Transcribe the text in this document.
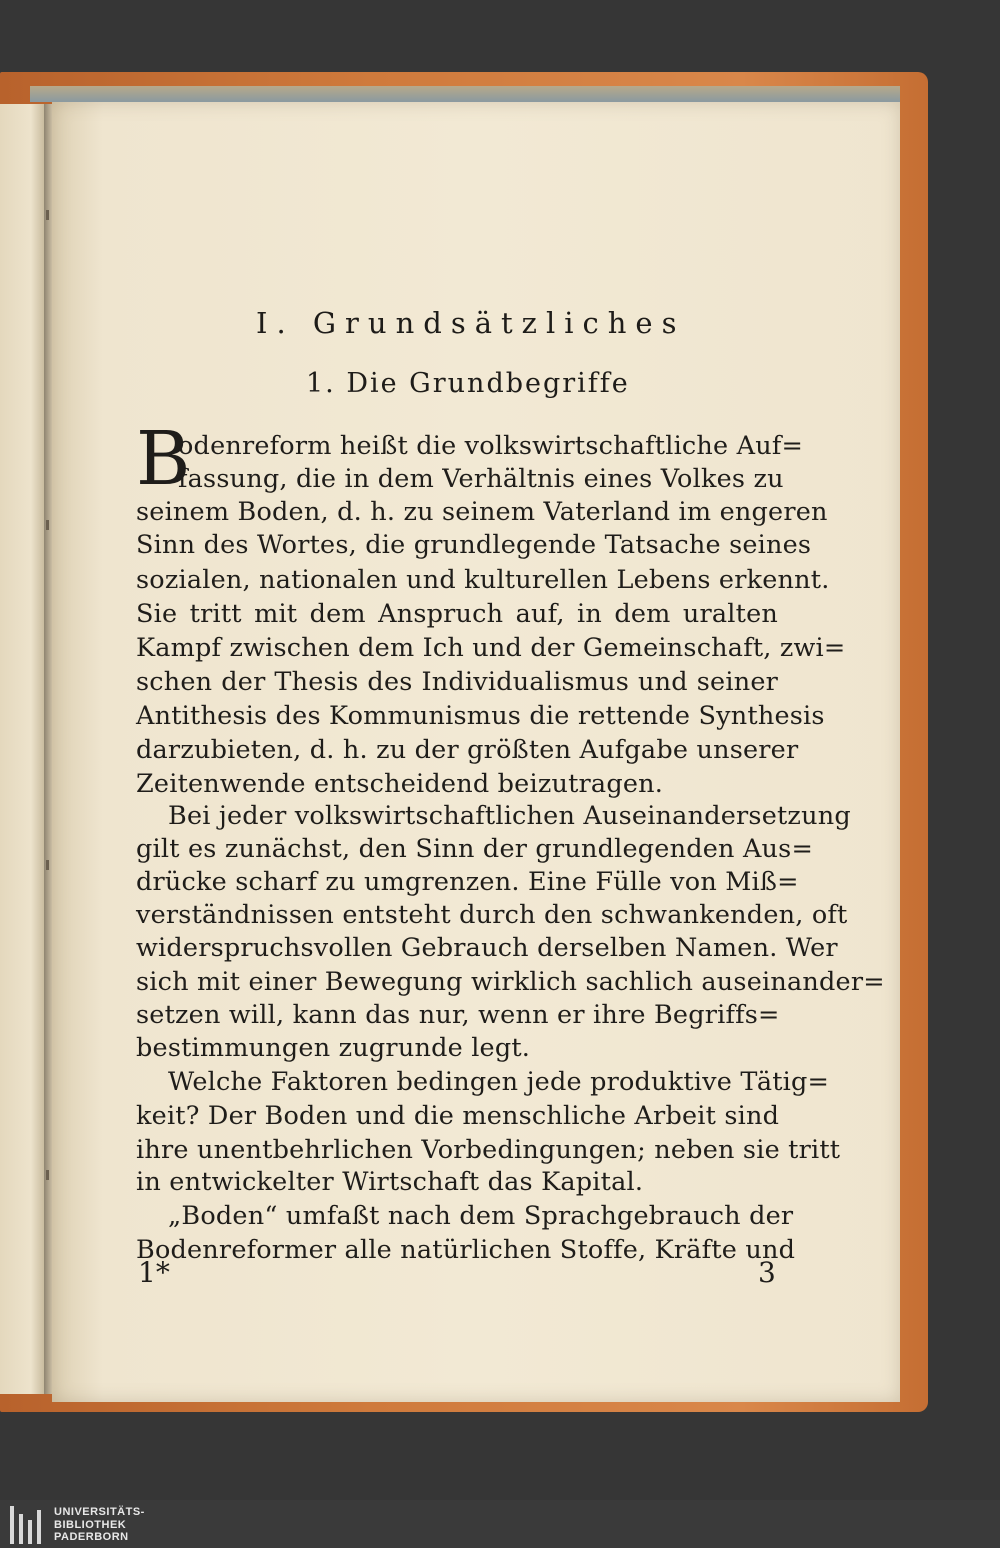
I. Grundsätzliches
1. Die Grundbegriffe
B
odenreform heißt die volkswirtschaftliche Auf=
fassung, die in dem Verhältnis eines Volkes zu
seinem Boden, d. h. zu seinem Vaterland im engeren
Sinn des Wortes, die grundlegende Tatsache seines
sozialen, nationalen und kulturellen Lebens erkennt.
Sie tritt mit dem Anspruch auf, in dem uralten
Kampf zwischen dem Ich und der Gemeinschaft, zwi=
schen der Thesis des Individualismus und seiner
Antithesis des Kommunismus die rettende Synthesis
darzubieten, d. h. zu der größten Aufgabe unserer
Zeitenwende entscheidend beizutragen.
Bei jeder volkswirtschaftlichen Auseinandersetzung
gilt es zunächst, den Sinn der grundlegenden Aus=
drücke scharf zu umgrenzen. Eine Fülle von Miß=
verständnissen entsteht durch den schwankenden, oft
widerspruchsvollen Gebrauch derselben Namen. Wer
sich mit einer Bewegung wirklich sachlich auseinander=
setzen will, kann das nur, wenn er ihre Begriffs=
bestimmungen zugrunde legt.
Welche Faktoren bedingen jede produktive Tätig=
keit? Der Boden und die menschliche Arbeit sind
ihre unentbehrlichen Vorbedingungen; neben sie tritt
in entwickelter Wirtschaft das Kapital.
„Boden“ umfaßt nach dem Sprachgebrauch der
Bodenreformer alle natürlichen Stoffe, Kräfte und
1*	3
UNIVERSITÄTS-
BIBLIOTHEK
PADERBORN
